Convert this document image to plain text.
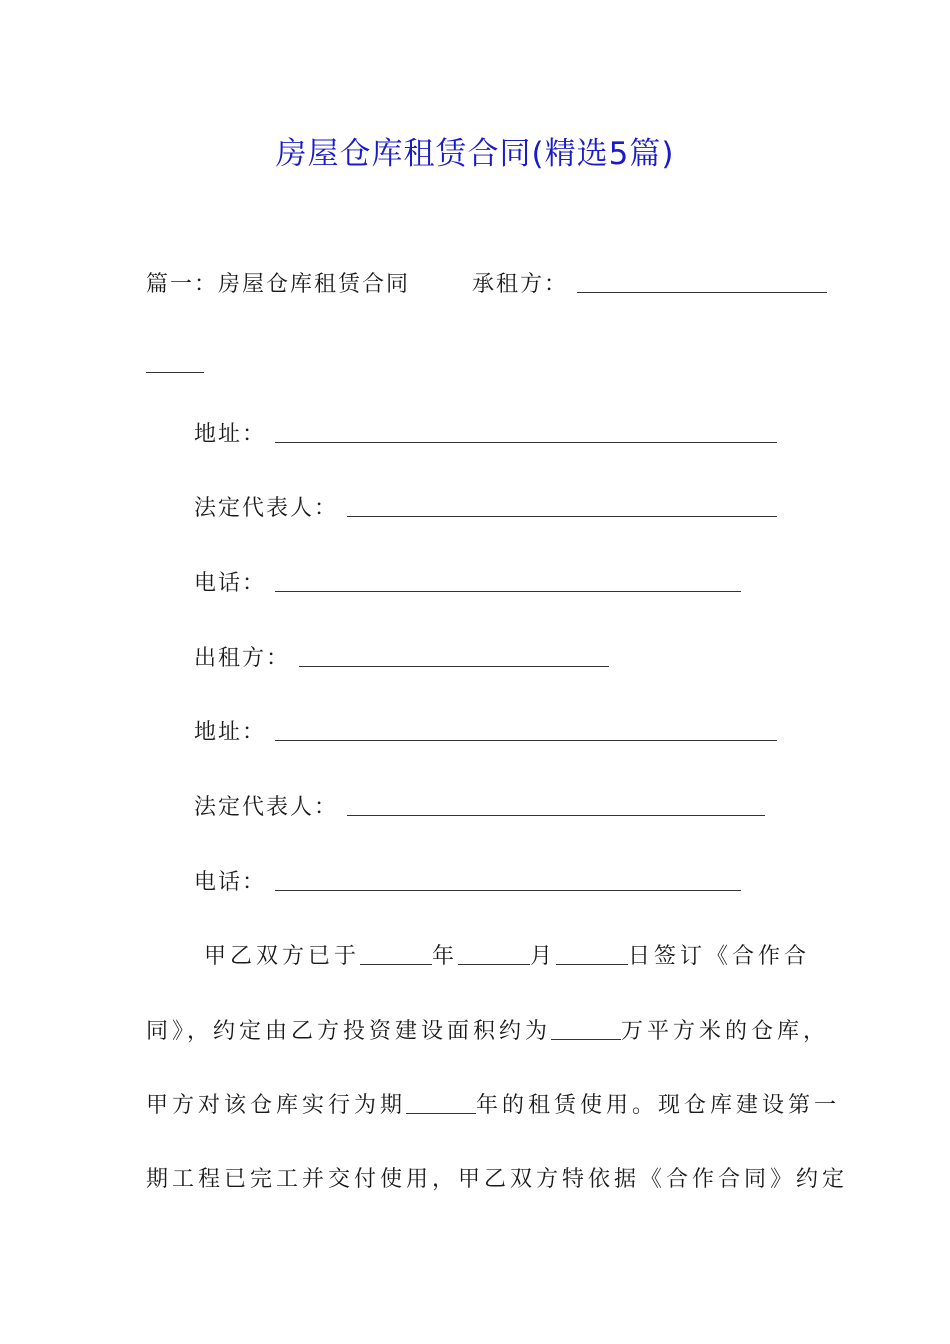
房屋仓库租赁合同(精选5篇)
篇一：房屋仓库租赁合同	承租方：
地址：
法定代表人：
电话：
出租方：
地址：
法定代表人：
电话：
甲乙双方已于	年	月	日签订《合作合
同》，约定由乙方投资建设面积约为	万平方米的仓库，
甲方对该仓库实行为期	年的租赁使用。现仓库建设第一
期工程已完工并交付使用，甲乙双方特依据《合作合同》约定
